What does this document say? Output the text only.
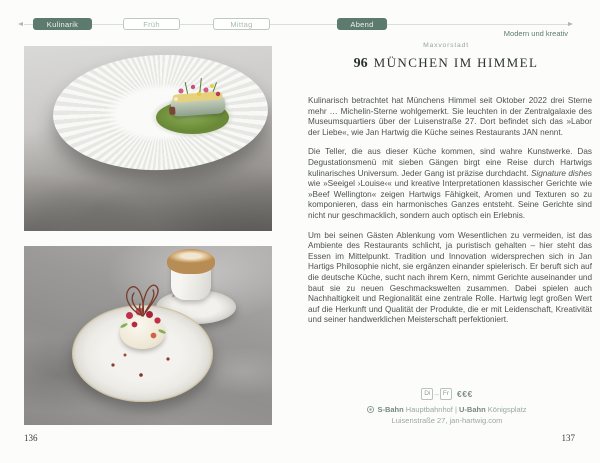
Kulinarik	Früh	Mittag	Abend
Modern und kreativ
Maxvorstadt
96 MÜNCHEN IM HIMMEL

Kulinarisch betrachtet hat Münchens Himmel seit Oktober 2022 drei Sterne mehr … Michelin-Sterne wohlgemerkt. Sie leuchten in der Zentralgalaxie des Museumsquartiers über der Luisenstraße 27. Dort befindet sich das »Labor der Liebe«, wie Jan Hartwig die Küche seines Restaurants JAN nennt.

Die Teller, die aus dieser Küche kommen, sind wahre Kunstwerke. Das Degustationsmenü mit sieben Gängen birgt eine Reise durch Hartwigs kulinarisches Universum. Jeder Gang ist präzise durchdacht. Signature dishes wie »Seeigel ›Louise‹« und kreative Interpretationen klassischer Gerichte wie »Beef Wellington« zeigen Hartwigs Fähigkeit, Aromen und Texturen so zu komponieren, dass ein harmonisches Ganzes entsteht. Seine Gerichte sind nicht nur geschmacklich, sondern auch optisch ein Erlebnis.

Um bei seinen Gästen Ablenkung vom Wesentlichen zu vermeiden, ist das Ambiente des Restaurants schlicht, ja puristisch gehalten – hier steht das Essen im Mittelpunkt. Tradition und Innovation widersprechen sich in Jan Hartigs Philosophie nicht, sie ergänzen einander spielerisch. Er beruft sich auf die deutsche Küche, sucht nach ihrem Kern, nimmt Gerichte auseinander und baut sie zu neuen Geschmackswelten zusammen. Dabei spielen auch Nachhaltigkeit und Regionalität eine zentrale Rolle. Hartwig legt großen Wert auf die Herkunft und Qualität der Produkte, die er mit Leidenschaft, Kreativität und seiner handwerklichen Meisterschaft perfektioniert.

Di – Fr €€€
S-Bahn Hauptbahnhof | U-Bahn Königsplatz
Luisenstraße 27, jan-hartwig.com
136	137
